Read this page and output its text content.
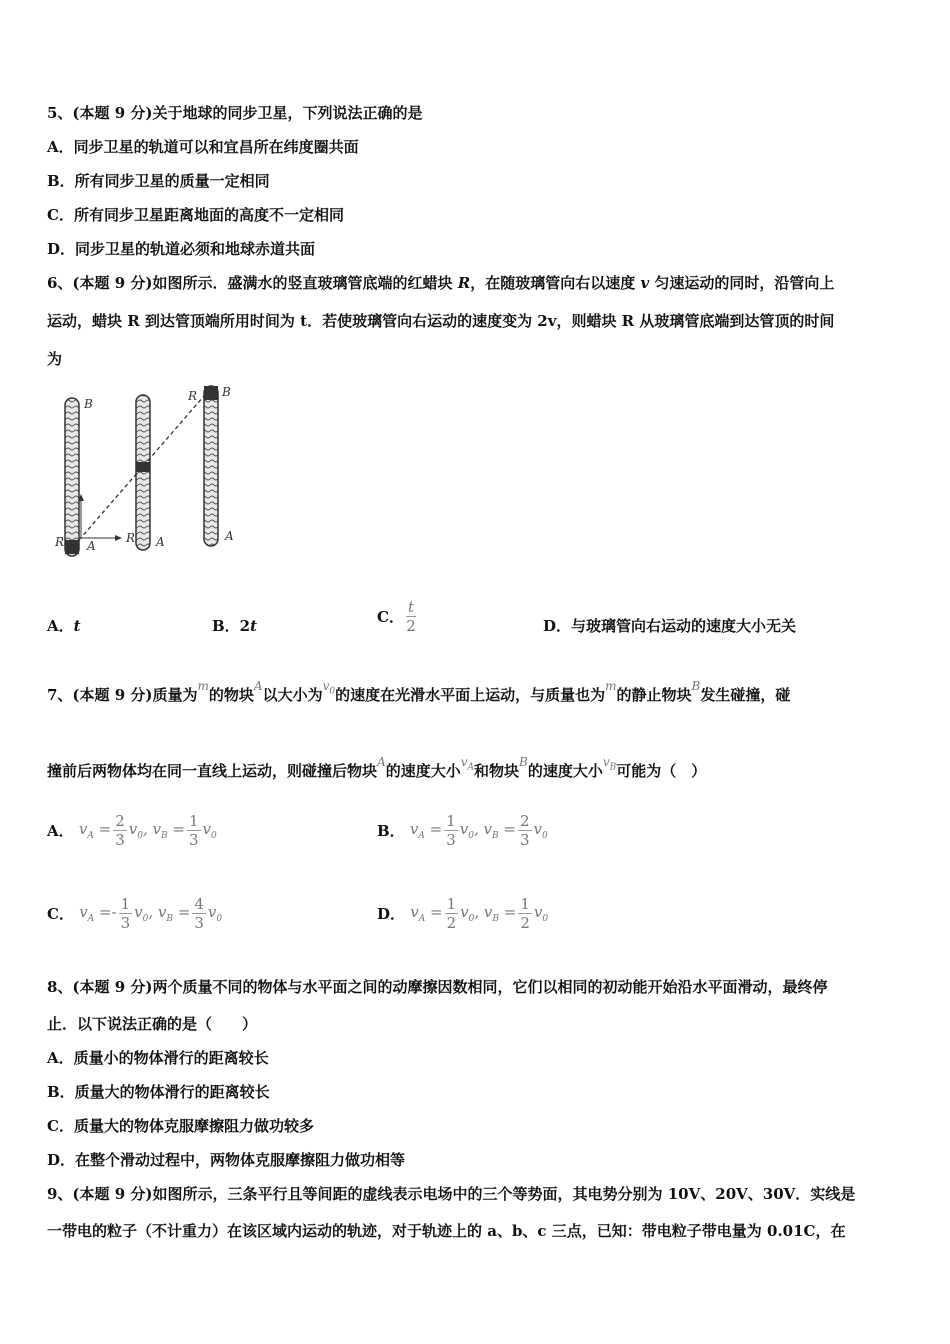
5、(本题 9 分)关于地球的同步卫星，下列说法正确的是
A．同步卫星的轨道可以和宜昌所在纬度圈共面
B．所有同步卫星的质量一定相同
C．所有同步卫星距离地面的高度不一定相同
D．同步卫星的轨道必须和地球赤道共面
6、(本题 9 分)如图所示．盛满水的竖直玻璃管底端的红蜡块 R，在随玻璃管向右以速度 v 匀速运动的同时，沿管向上
运动，蜡块 R 到达管顶端所用时间为 t．若使玻璃管向右运动的速度变为 2v，则蜡块 R 从玻璃管底端到达管顶的时间
为
B
R A
R A
R B
A
A．t	B．2t	C． $\frac{t}{2}$	D．与玻璃管向右运动的速度大小无关
7、(本题 9 分)质量为$^m$的物块$^A$以大小为$^{v_0}$的速度在光滑水平面上运动，与质量也为$^m$的静止物块$^B$发生碰撞，碰
撞前后两物体均在同一直线上运动，则碰撞后物块$^A$的速度大小$^{v_A}$和物块$^B$的速度大小$^{v_B}$可能为（　）
A． $v_A = \frac{2}{3} v_0$, $v_B = \frac{1}{3} v_0$	B． $v_A = \frac{1}{3} v_0$, $v_B = \frac{2}{3} v_0$
C． $v_A =- \frac{1}{3} v_0$, $v_B = \frac{4}{3} v_0$	D． $v_A = \frac{1}{2} v_0$, $v_B = \frac{1}{2} v_0$
8、(本题 9 分)两个质量不同的物体与水平面之间的动摩擦因数相同，它们以相同的初动能开始沿水平面滑动，最终停
止．以下说法正确的是（　　）
A．质量小的物体滑行的距离较长
B．质量大的物体滑行的距离较长
C．质量大的物体克服摩擦阻力做功较多
D．在整个滑动过程中，两物体克服摩擦阻力做功相等
9、(本题 9 分)如图所示，三条平行且等间距的虚线表示电场中的三个等势面，其电势分别为 10V、20V、30V．实线是
一带电的粒子（不计重力）在该区域内运动的轨迹，对于轨迹上的 a、b、c 三点，已知：带电粒子带电量为 0.01C，在
